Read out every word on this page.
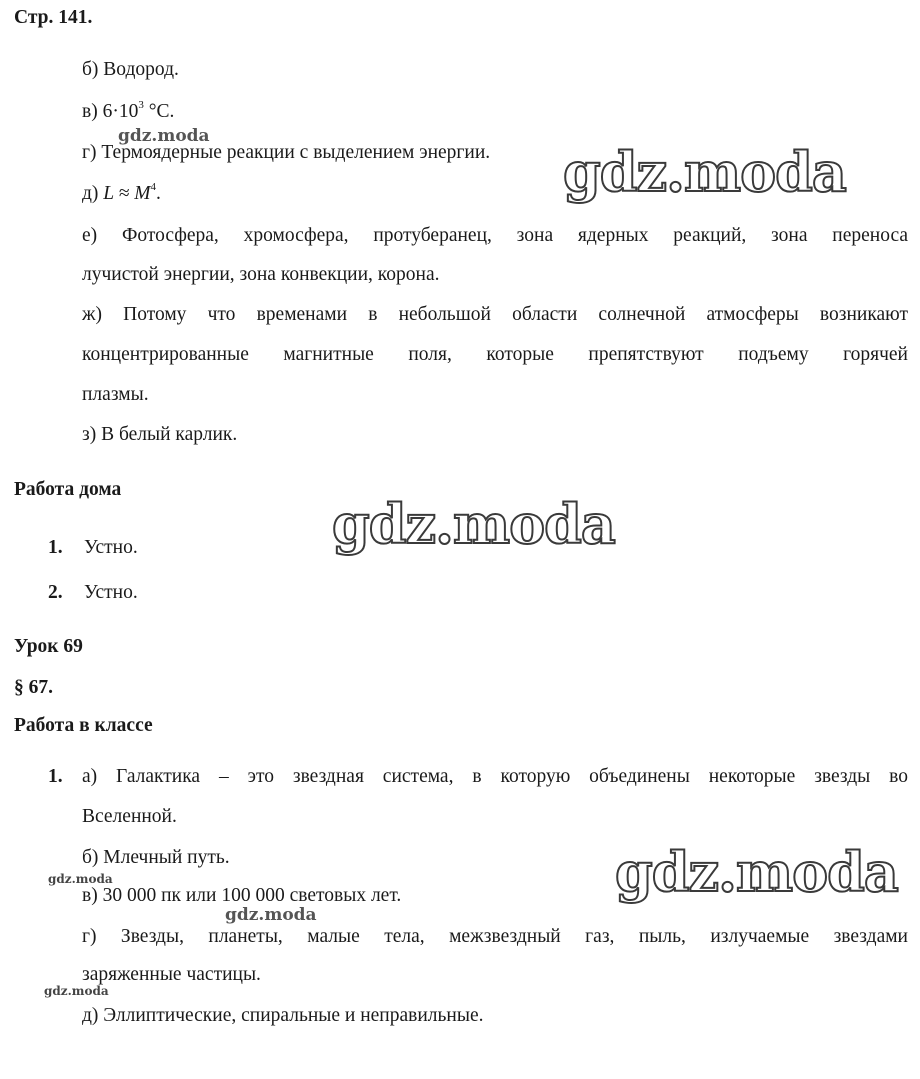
Стр. 141.
б) Водород.
в) $6\cdot 10^3$ °C.
г) Термоядерные реакции с выделением энергии.
д) $L \approx M^4$.
е) Фотосфера, хромосфера, протуберанец, зона ядерных реакций, зона переноса
лучистой энергии, зона конвекции, корона.
ж) Потому что временами в небольшой области солнечной атмосферы возникают
концентрированные магнитные поля, которые препятствуют подъему горячей
плазмы.
з) В белый карлик.
Работа дома
1. Устно.
2. Устно.
Урок 69
§ 67.
Работа в классе
1. а) Галактика – это звездная система, в которую объединены некоторые звезды во
Вселенной.
б) Млечный путь.
в) 30 000 пк или 100 000 световых лет.
г) Звезды, планеты, малые тела, межзвездный газ, пыль, излучаемые звездами
заряженные частицы.
д) Эллиптические, спиральные и неправильные.
gdz.moda
gdz.moda
gdz.moda
gdz.moda
gdz.moda
gdz.moda
gdz.moda
